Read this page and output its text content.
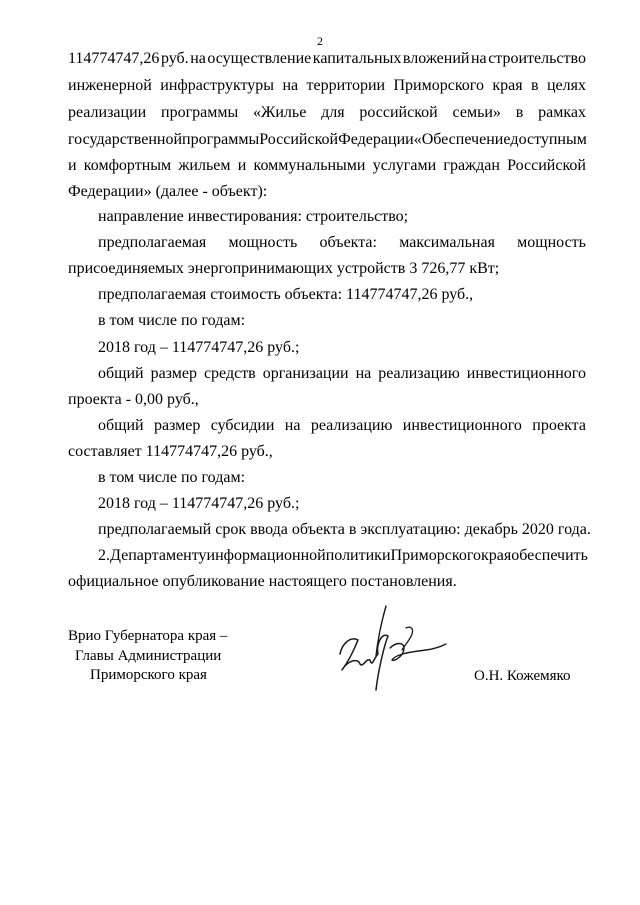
2
114774747,26 руб. на осуществление капитальных вложений на строительство
инженерной инфраструктуры на территории Приморского края в целях
реализации программы «Жилье для российской семьи» в рамках
государственной программы Российской Федерации «Обеспечение доступным
и комфортным жильем и коммунальными услугами граждан Российской
Федерации» (далее - объект):
направление инвестирования: строительство;
предполагаемая мощность объекта: максимальная мощность
присоединяемых энергопринимающих устройств 3 726,77 кВт;
предполагаемая стоимость объекта: 114774747,26 руб.,
в том числе по годам:
2018 год – 114774747,26 руб.;
общий размер средств организации на реализацию инвестиционного
проекта - 0,00 руб.,
общий размер субсидии на реализацию инвестиционного проекта
составляет 114774747,26 руб.,
в том числе по годам:
2018 год – 114774747,26 руб.;
предполагаемый срок ввода объекта в эксплуатацию: декабрь 2020 года.
2. Департаменту информационной политики Приморского края обеспечить
официальное опубликование настоящего постановления.
Врио Губернатора края –
Главы Администрации
Приморского края	О.Н. Кожемяко
